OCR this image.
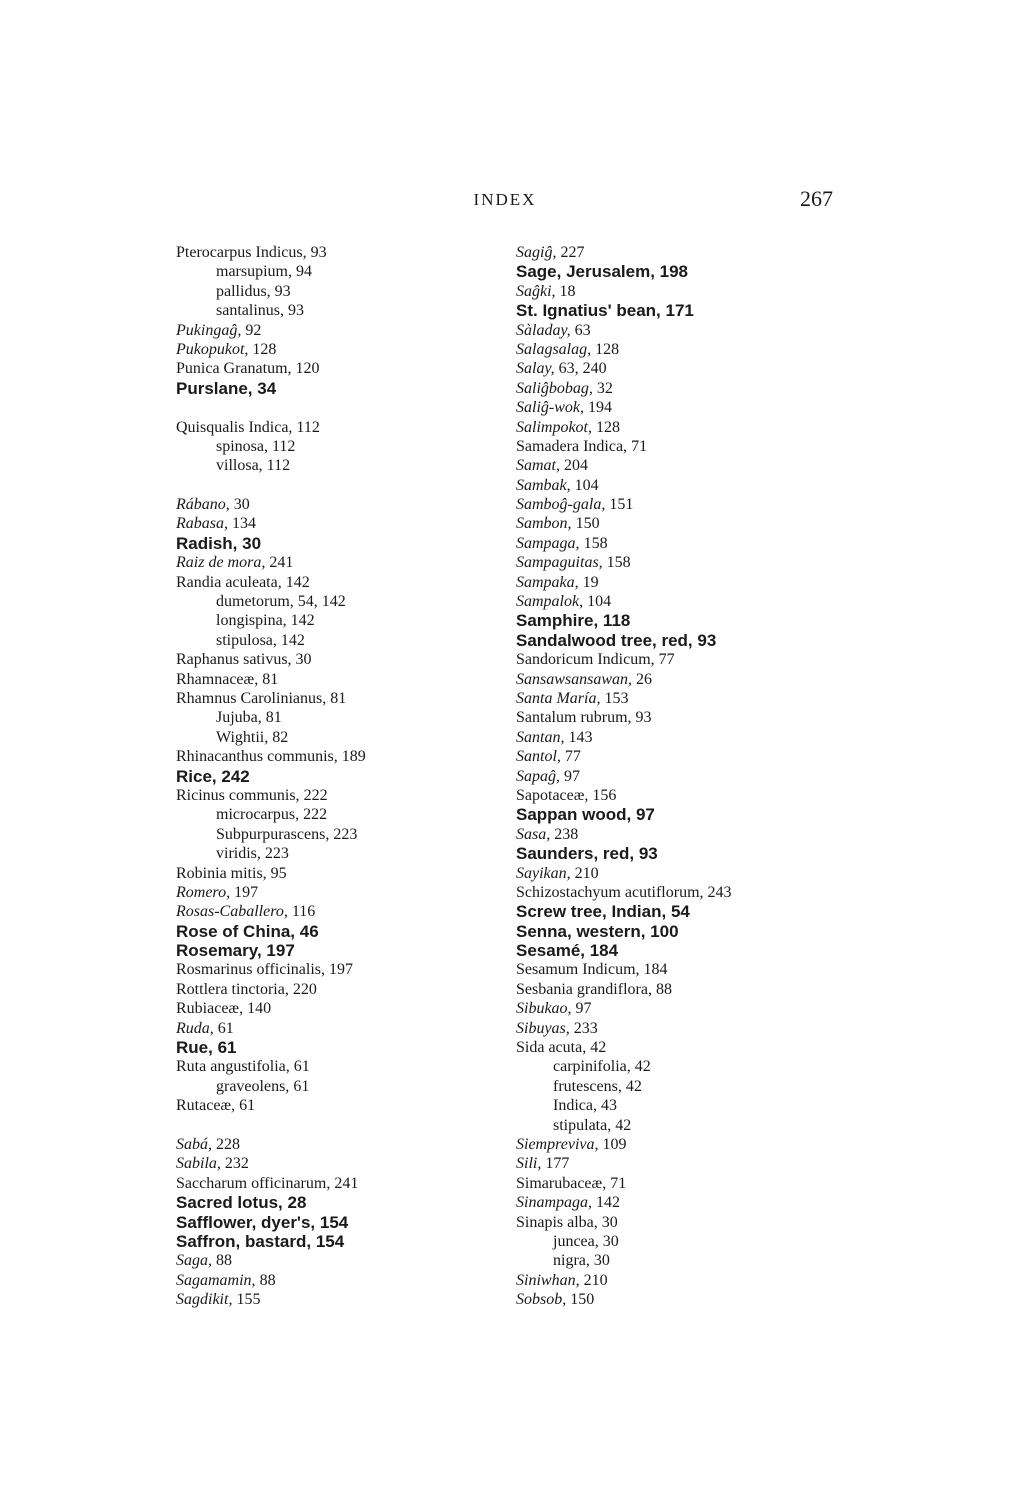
INDEX	267
Pterocarpus Indicus, 93
marsupium, 94
pallidus, 93
santalinus, 93
Pukingaĝ, 92
Pukopukot, 128
Punica Granatum, 120
Purslane, 34
Quisqualis Indica, 112
spinosa, 112
villosa, 112
Rábano, 30
Rabasa, 134
Radish, 30
Raiz de mora, 241
Randia aculeata, 142
dumetorum, 54, 142
longispina, 142
stipulosa, 142
Raphanus sativus, 30
Rhamnaceæ, 81
Rhamnus Carolinianus, 81
Jujuba, 81
Wightii, 82
Rhinacanthus communis, 189
Rice, 242
Ricinus communis, 222
microcarpus, 222
Subpurpurascens, 223
viridis, 223
Robinia mitis, 95
Romero, 197
Rosas-Caballero, 116
Rose of China, 46
Rosemary, 197
Rosmarinus officinalis, 197
Rottlera tinctoria, 220
Rubiaceæ, 140
Ruda, 61
Rue, 61
Ruta angustifolia, 61
graveolens, 61
Rutaceæ, 61
Sabá, 228
Sabila, 232
Saccharum officinarum, 241
Sacred lotus, 28
Safflower, dyer's, 154
Saffron, bastard, 154
Saga, 88
Sagamamin, 88
Sagdikit, 155
Sagiĝ, 227
Sage, Jerusalem, 198
Saĝki, 18
St. Ignatius' bean, 171
Sàladay, 63
Salagsalag, 128
Salay, 63, 240
Saliĝbobag, 32
Saliĝ-wok, 194
Salimpokot, 128
Samadera Indica, 71
Samat, 204
Sambak, 104
Samboĝ-gala, 151
Sambon, 150
Sampaga, 158
Sampaguitas, 158
Sampaka, 19
Sampalok, 104
Samphire, 118
Sandalwood tree, red, 93
Sandoricum Indicum, 77
Sansawsansawan, 26
Santa María, 153
Santalum rubrum, 93
Santan, 143
Santol, 77
Sapaĝ, 97
Sapotaceæ, 156
Sappan wood, 97
Sasa, 238
Saunders, red, 93
Sayikan, 210
Schizostachyum acutiflorum, 243
Screw tree, Indian, 54
Senna, western, 100
Sesamé, 184
Sesamum Indicum, 184
Sesbania grandiflora, 88
Sibukao, 97
Sibuyas, 233
Sida acuta, 42
carpinifolia, 42
frutescens, 42
Indica, 43
stipulata, 42
Siempreviva, 109
Sili, 177
Simarubaceæ, 71
Sinampaga, 142
Sinapis alba, 30
juncea, 30
nigra, 30
Siniwhan, 210
Sobsob, 150
